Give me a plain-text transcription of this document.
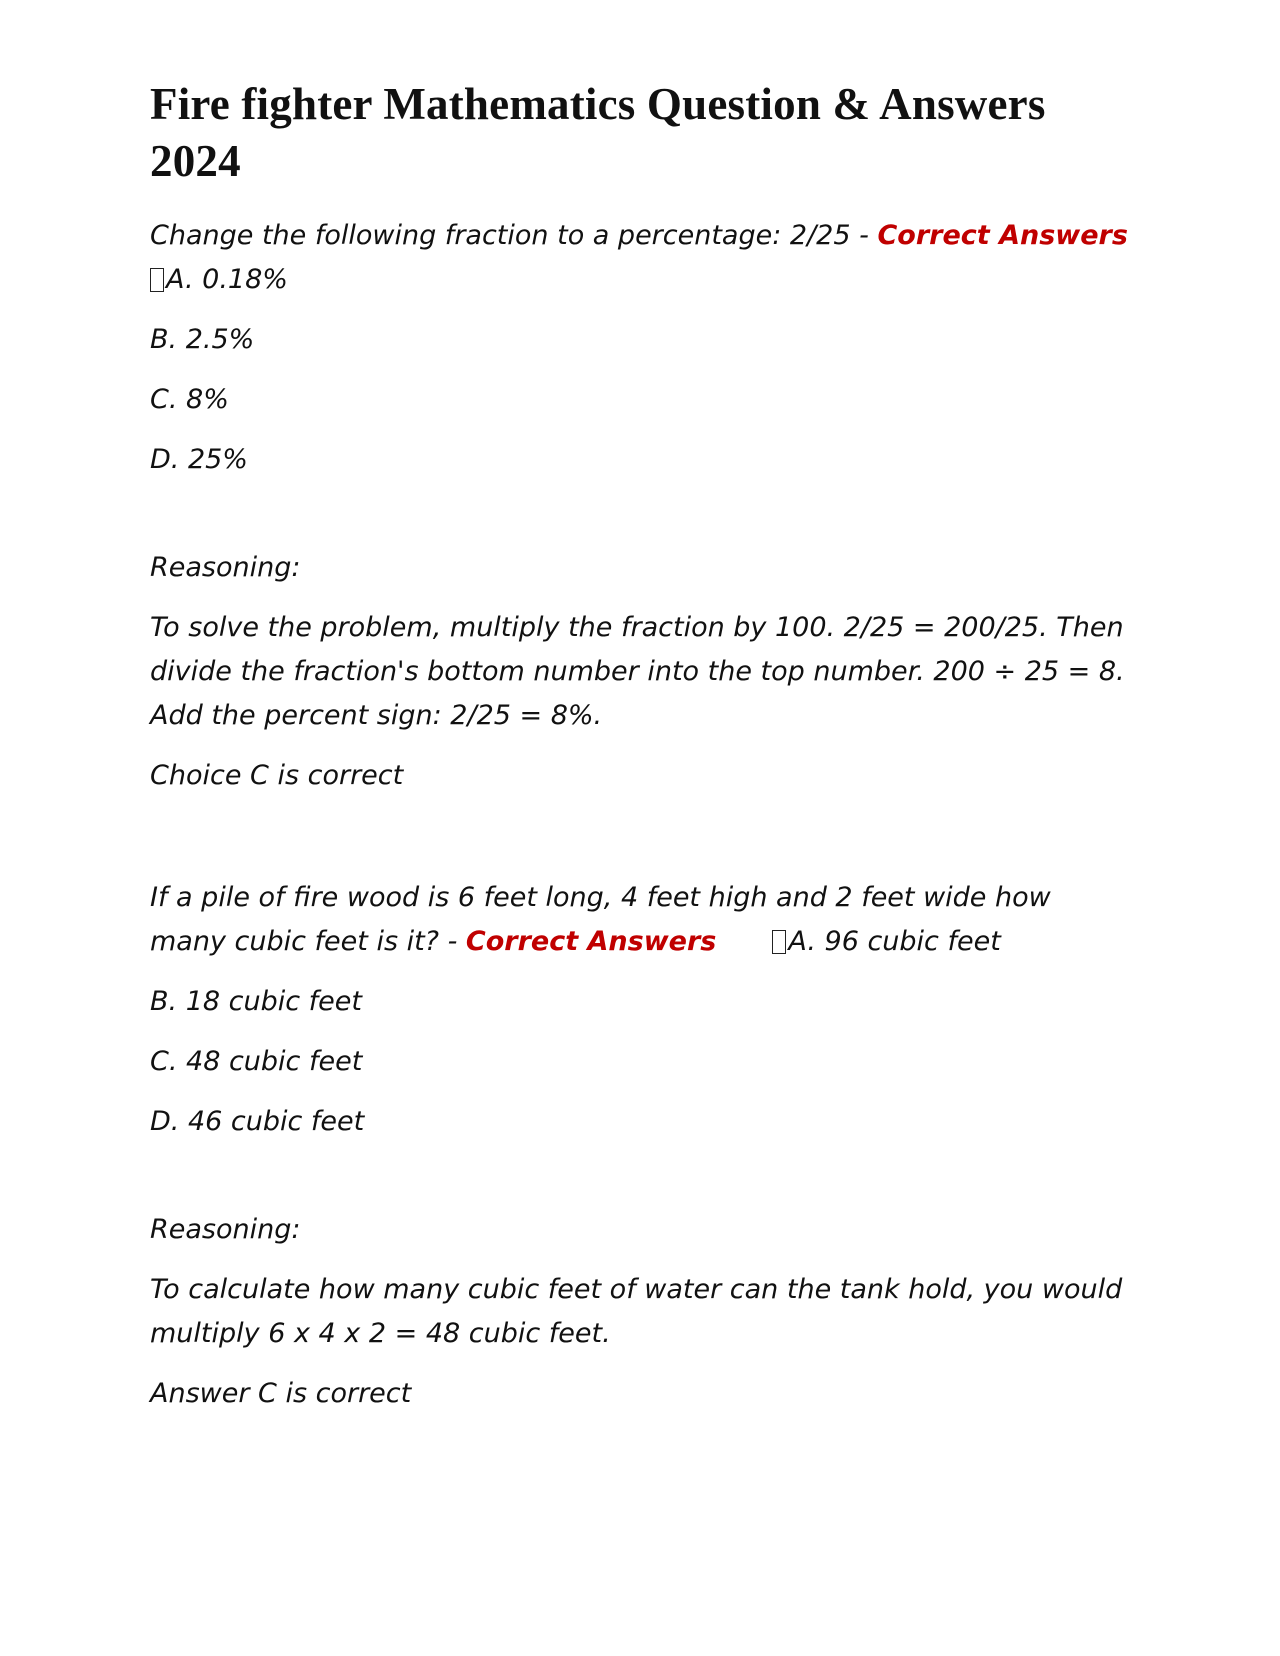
Fire fighter Mathematics Question & Answers 2024

Change the following fraction to a percentage: 2/25 - Correct Answers
A. 0.18%

B. 2.5%

C. 8%

D. 25%

Reasoning:

To solve the problem, multiply the fraction by 100. 2/25 = 200/25. Then divide the fraction's bottom number into the top number. 200 ÷ 25 = 8. Add the percent sign: 2/25 = 8%.

Choice C is correct

If a pile of fire wood is 6 feet long, 4 feet high and 2 feet wide how many cubic feet is it? - Correct Answers	A. 96 cubic feet

B. 18 cubic feet

C. 48 cubic feet

D. 46 cubic feet

Reasoning:

To calculate how many cubic feet of water can the tank hold, you would multiply 6 x 4 x 2 = 48 cubic feet.

Answer C is correct
